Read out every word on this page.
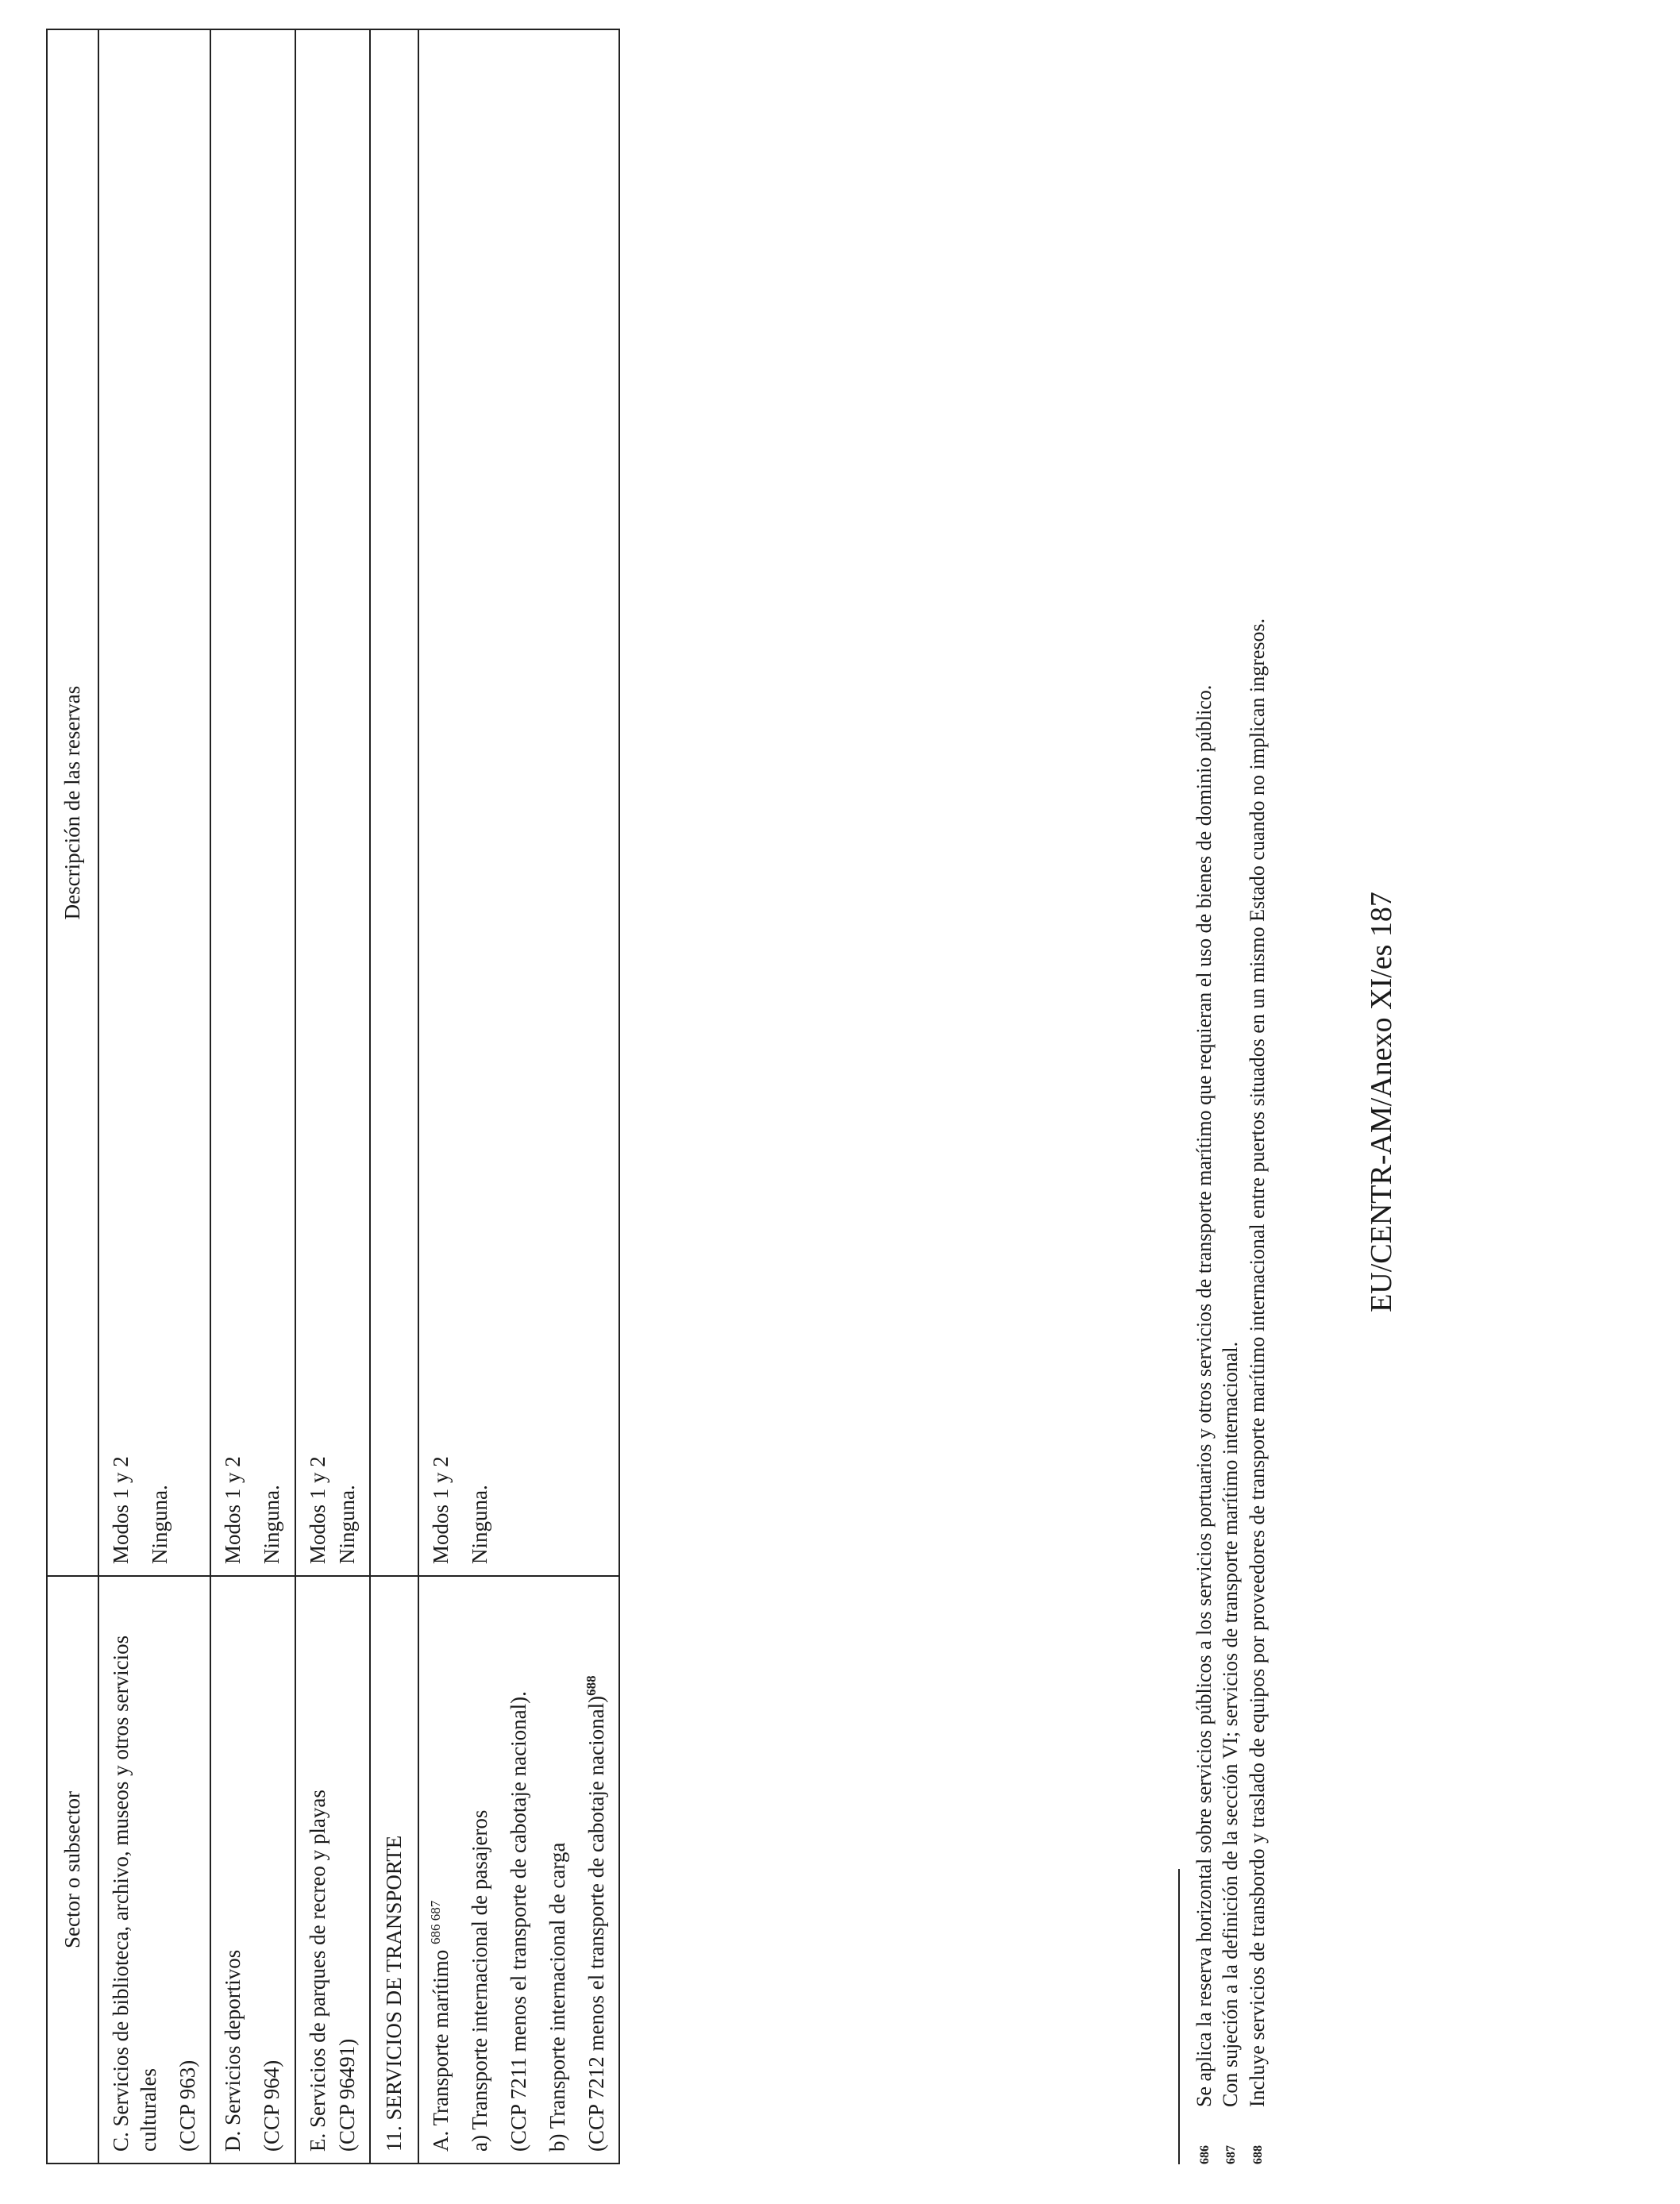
Sector o subsector	Descripción de las reservas

C. Servicios de biblioteca, archivo, museos y otros servicios culturales (CCP 963)	Modos 1 y 2 Ninguna.

D. Servicios deportivos (CCP 964)	Modos 1 y 2 Ninguna.

E. Servicios de parques de recreo y playas (CCP 96491)	Modos 1 y 2 Ninguna.

11. SERVICIOS DE TRANSPORTE	

A. Transporte marítimo $^{686 687}$ a) Transporte internacional de pasajeros (CCP 7211 menos el transporte de cabotaje nacional). b) Transporte internacional de carga (CCP 7212 menos el transporte de cabotaje nacional)$^{688}$	Modos 1 y 2 Ninguna.
686
Se aplica la reserva horizontal sobre servicios públicos a los servicios portuarios y otros servicios de transporte marítimo que requieran el uso de bienes de dominio público.
687
Con sujeción a la definición de la sección VI; servicios de transporte marítimo internacional.
688
Incluye servicios de transbordo y traslado de equipos por proveedores de transporte marítimo internacional entre puertos situados en un mismo Estado cuando no implican ingresos.	EU/CENTR-AM/Anexo XI/es 187
